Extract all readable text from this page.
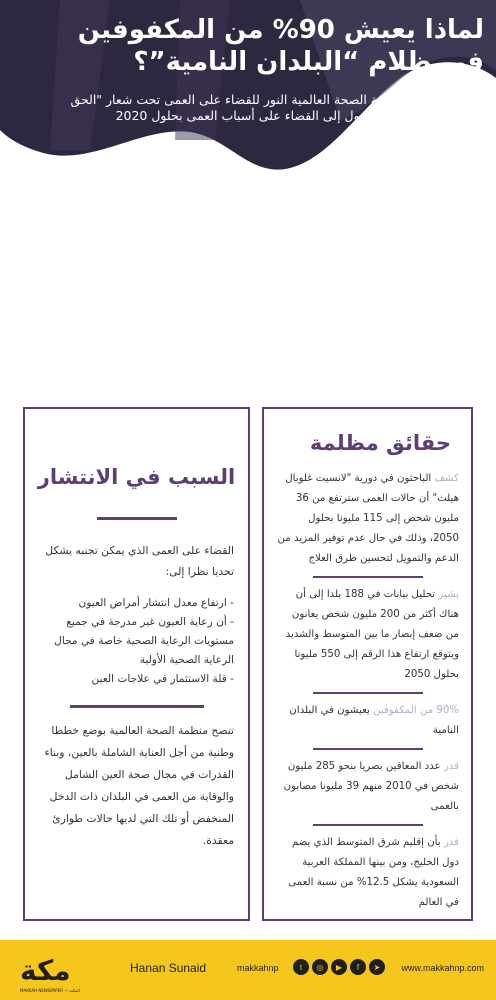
لماذا يعيش 90% من المكفوفين
في ظلام “البلدان النامية”؟
أطلقت مبادرة منظمة الصحة العالمية النور للقضاء على العمى تحت شعار "الحق في الإبصار" بهدف الوصول إلى القضاء على أسباب العمى بحلول 2020
السبب في الانتشار
القضاء على العمى الذي يمكن تجنبه يشكل تحديا نظرا إلى:
- ارتفاع معدل انتشار أمراض العيون
- أن رعاية العيون غير مدرجة في جميع مستويات الرعاية الصحية خاصة في مجال الرعاية الصحية الأولية
- قلة الاستثمار في علاجات العين
تنصح منظمة الصحة العالمية بوضع خططا وطنية من أجل العناية الشاملة بالعين، وبناء القدرات في مجال صحة العين الشامل والوقاية من العمى في البلدان ذات الدخل المنخفض أو تلك التي لديها حالات طوارئ معقدة.
حقائق مظلمة
كشف الباحثون في دورية "لانسيت غلوبال هيلث" أن حالات العمى سترتفع من 36 مليون شخص إلى 115 مليونا بحلول 2050، وذلك في حال عدم توفير المزيد من الدعم والتمويل لتحسين طرق العلاج
يشير تحليل بيانات في 188 بلدا إلى أن هناك أكثر من 200 مليون شخص يعانون من ضعف إبصار ما بين المتوسط والشديد ويتوقع ارتفاع هذا الرقم إلى 550 مليونا بحلول 2050
90% من المكفوفين يعيشون في البلدان النامية
قدر عدد المعاقين بصريا بنحو 285 مليون شخص في 2010 منهم 39 مليونا مصابون بالعمى
قدر بأن إقليم شرق المتوسط الذي يضم دول الخليج، ومن بينها المملكة العربية السعودية يشكل 12.5% من نسبة العمى في العالم
مكة
MAKKAH NEWSPAPER — المكية
Hanan Sunaid	makkahnp	t	◎	▶	f	➤	www.makkahnp.com
